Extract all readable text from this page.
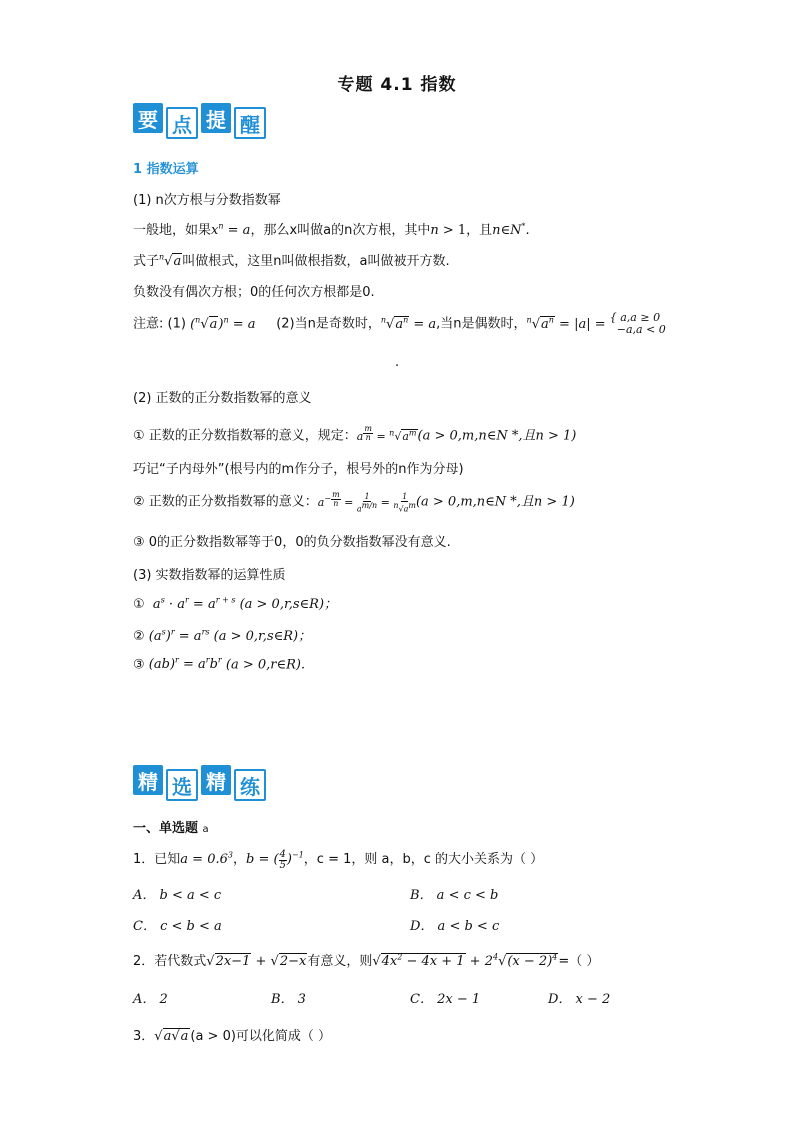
专题 4.1 指数
要 点 提 醒
1 指数运算
(1) n次方根与分数指数幂
一般地，如果$x^n = a$，那么x叫做a的n次方根，其中n > 1，且n∈N*.
式子$^n$√a叫做根式，这里n叫做根指数，a叫做被开方数.
负数没有偶次方根；0的任何次方根都是0.
注意: (1) $(^n√a)^n = a$ (2)当n是奇数时，$^n√a^n = a$,当n是偶数时，$^n√a^n = |a|$ = { a,a ≥ 0
−a,a < 0
.
(2) 正数的正分数指数幂的意义
① 正数的正分数指数幂的意义，规定：$a^{m n} = ^n√a^m(a$ > 0,m,n∈N *,且n > 1)
巧记“子内母外”(根号内的m作分子，根号外的n作为分母)
② 正数的正分数指数幂的意义：$a^{-m n} = 1$
$a^{m/n} = 1$
$^n√a^m(a$ > 0,m,n∈N *,且n > 1)
③ 0的正分数指数幂等于0，0的负分数指数幂没有意义.
(3) 实数指数幂的运算性质
① $a^s \cdot a^r = a^{r + s}$ (a > 0,r,s∈R)；
② $(a^s)^r = a^{rs}$ (a > 0,r,s∈R)；
③ $(ab)^r = a^rb^r$ (a > 0,r∈R).
精 选 精 练
一、单选题 a
1．已知$a = 0.6^3$，b = (4
5)$^{-1}$，c = 1，则 a，b，c 的大小关系为（ ）
A． b < a < c	B． a < c < b
C． c < b < a	D． a < b < c
2．若代数式√2x−1 + √2−x有意义，则$√4x^2 - 4x + 1 + 2^4√(x - 2)^4=$（ ）
A． 2	B． 3	C． 2x − 1	D． x − 2
3．√a√a (a > 0)可以化简成（ ）
